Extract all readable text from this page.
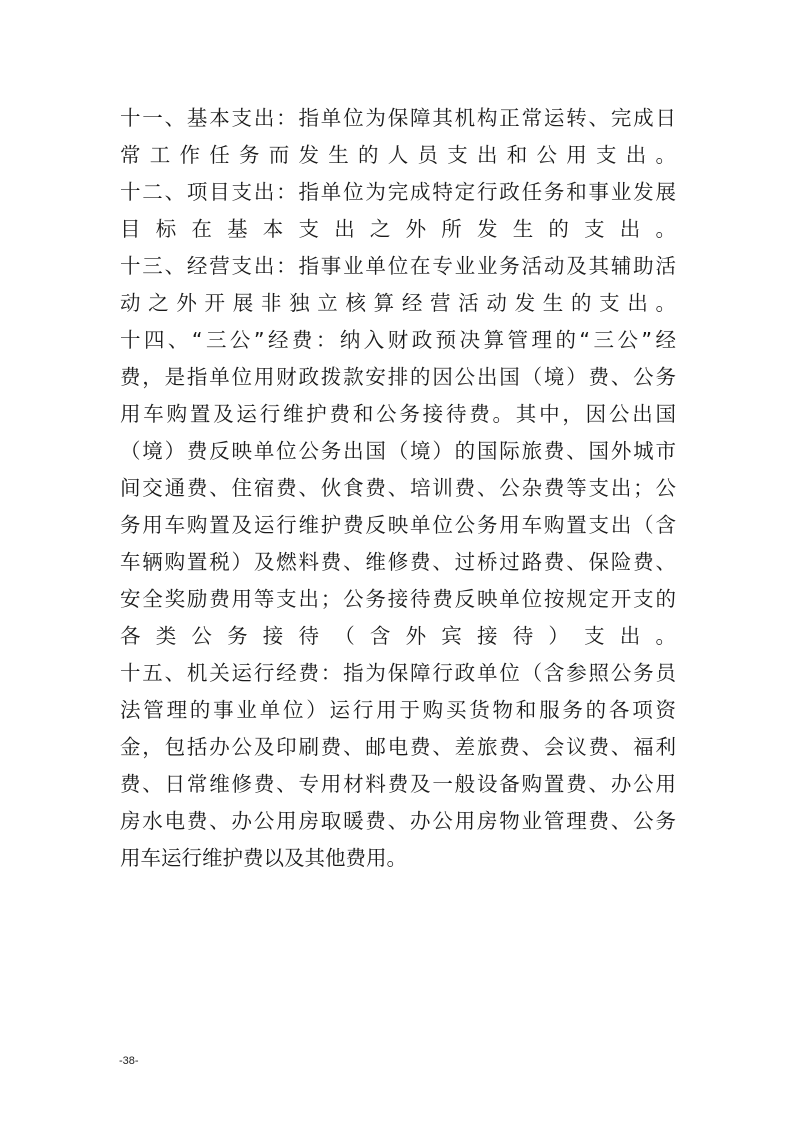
十一、基本支出：指单位为保障其机构正常运转、完成日
常工作任务而发生的人员支出和公用支出。
十二、项目支出：指单位为完成特定行政任务和事业发展
目标在基本支出之外所发生的支出。
十三、经营支出：指事业单位在专业业务活动及其辅助活
动之外开展非独立核算经营活动发生的支出。
十四、“三公”经费：纳入财政预决算管理的“三公”经
费，是指单位用财政拨款安排的因公出国（境）费、公务
用车购置及运行维护费和公务接待费。其中，因公出国
（境）费反映单位公务出国（境）的国际旅费、国外城市
间交通费、住宿费、伙食费、培训费、公杂费等支出；公
务用车购置及运行维护费反映单位公务用车购置支出（含
车辆购置税）及燃料费、维修费、过桥过路费、保险费、
安全奖励费用等支出；公务接待费反映单位按规定开支的
各类公务接待（含外宾接待）支出。
十五、机关运行经费：指为保障行政单位（含参照公务员
法管理的事业单位）运行用于购买货物和服务的各项资
金，包括办公及印刷费、邮电费、差旅费、会议费、福利
费、日常维修费、专用材料费及一般设备购置费、办公用
房水电费、办公用房取暖费、办公用房物业管理费、公务
用车运行维护费以及其他费用。
-38-
